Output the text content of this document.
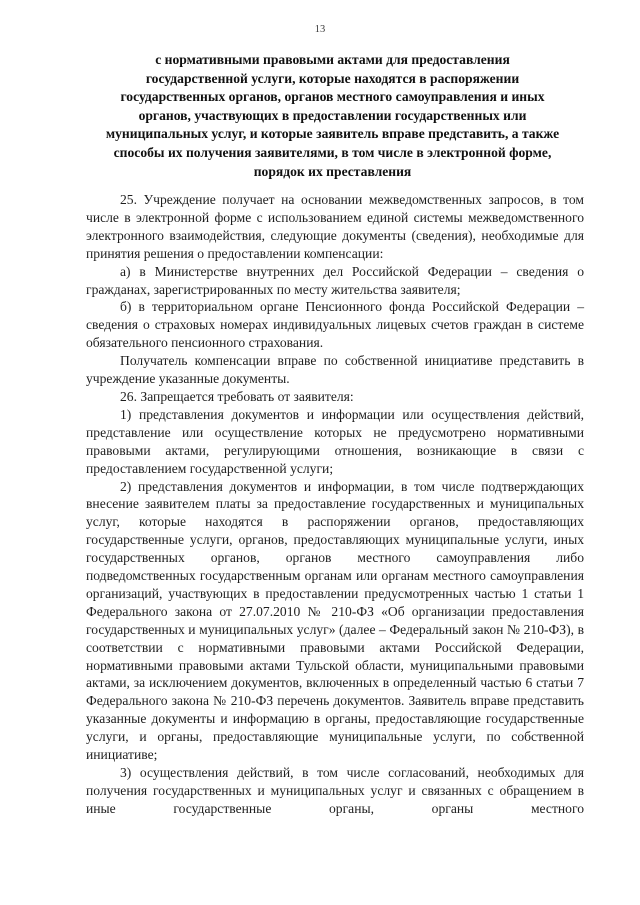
13
с нормативными правовыми актами для предоставления
государственной услуги, которые находятся в распоряжении
государственных органов, органов местного самоуправления и иных
органов, участвующих в предоставлении государственных или
муниципальных услуг, и которые заявитель вправе представить, а также
способы их получения заявителями, в том числе в электронной форме,
порядок их преставления

25. Учреждение получает на основании межведомственных запросов, в том числе в электронной форме с использованием единой системы межведомственного электронного взаимодействия, следующие документы (сведения), необходимые для принятия решения о предоставлении компенсации:

а) в Министерстве внутренних дел Российской Федерации – сведения о гражданах, зарегистрированных по месту жительства заявителя;

б) в территориальном органе Пенсионного фонда Российской Федерации – сведения о страховых номерах индивидуальных лицевых счетов граждан в системе обязательного пенсионного страхования.

Получатель компенсации вправе по собственной инициативе представить в учреждение указанные документы.

26. Запрещается требовать от заявителя:

1) представления документов и информации или осуществления действий, представление или осуществление которых не предусмотрено нормативными правовыми актами, регулирующими отношения, возникающие в связи с предоставлением государственной услуги;

2) представления документов и информации, в том числе подтверждающих внесение заявителем платы за предоставление государственных и муниципальных услуг, которые находятся в распоряжении органов, предоставляющих государственные услуги, органов, предоставляющих муниципальные услуги, иных государственных органов, органов местного самоуправления либо подведомственных государственным органам или органам местного самоуправления организаций, участвующих в предоставлении предусмотренных частью 1 статьи 1 Федерального закона от 27.07.2010 № 210-ФЗ «Об организации предоставления государственных и муниципальных услуг» (далее – Федеральный закон № 210-ФЗ), в соответствии с нормативными правовыми актами Российской Федерации, нормативными правовыми актами Тульской области, муниципальными правовыми актами, за исключением документов, включенных в определенный частью 6 статьи 7 Федерального закона № 210-ФЗ перечень документов. Заявитель вправе представить указанные документы и информацию в органы, предоставляющие государственные услуги, и органы, предоставляющие муниципальные услуги, по собственной инициативе;

3) осуществления действий, в том числе согласований, необходимых для получения государственных и муниципальных услуг и связанных с обращением в иные государственные органы, органы местного
